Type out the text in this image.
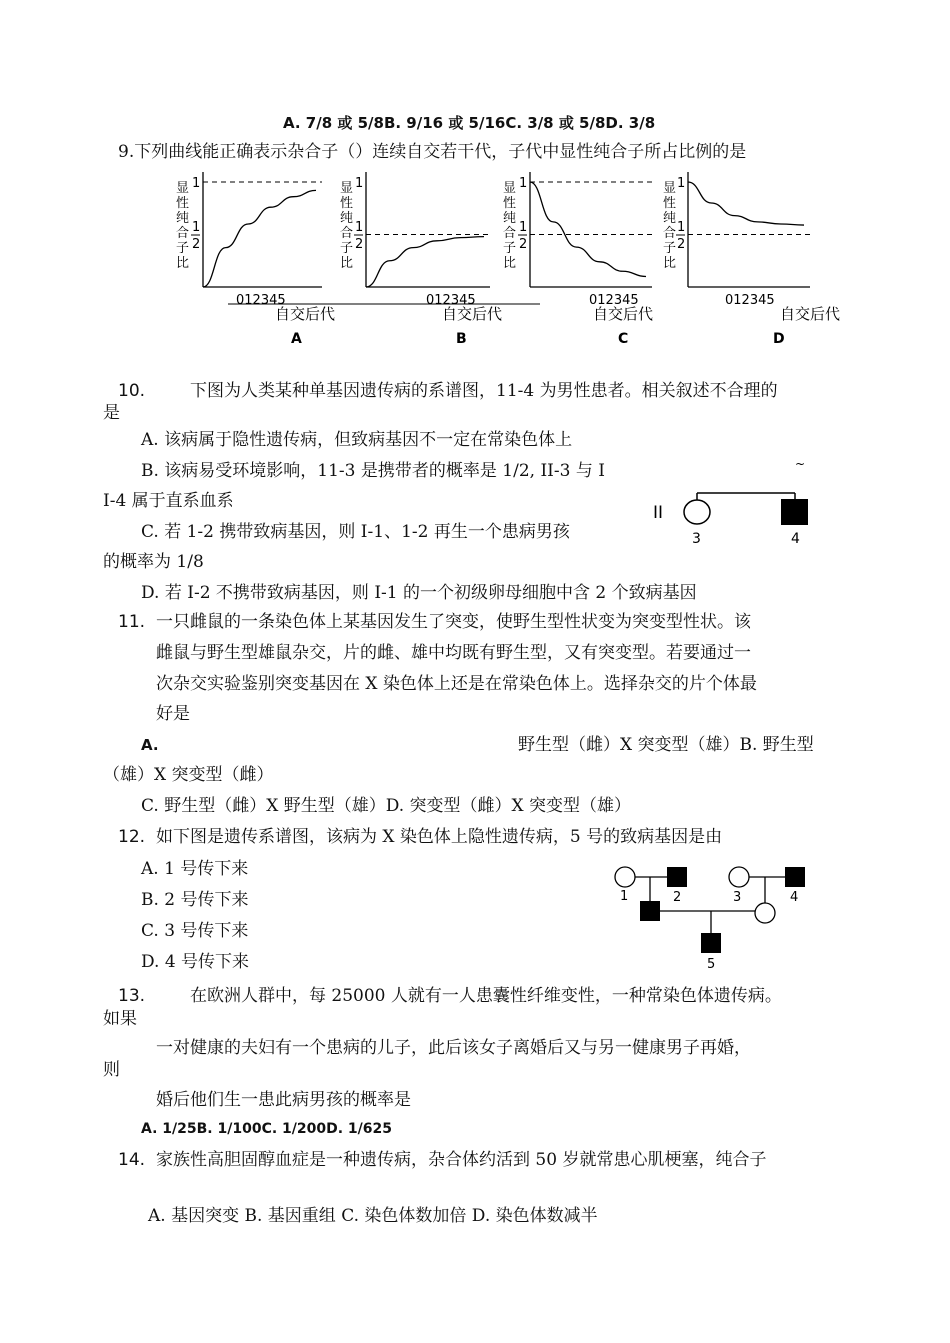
A. 7/8 或 5/8B. 9/16 或 5/16C. 3/8 或 5/8D. 3/8
9.下列曲线能正确表示杂合子（）连续自交若干代，子代中显性纯合子所占比例的是
显
性
纯
合
子
比
1
1
2
012345
自交后代
A
显
性
纯
合
子
比
1
1
2
012345
自交后代
B
显
性
纯
合
子
比
1
1
2
012345
自交后代
C
显
性
纯
合
子
比
1
1
2
012345
自交后代
D
10.	下图为人类某种单基因遗传病的系谱图，11-4 为男性患者。相关叙述不合理的
是
A. 该病属于隐性遗传病，但致病基因不一定在常染色体上
B. 该病易受环境影响，11-3 是携带者的概率是 1/2, II-3 与 I
I-4 属于直系血系
C. 若 1-2 携带致病基因，则 I-1、1-2 再生一个患病男孩
的概率为 1/8
D. 若 I-2 不携带致病基因，则 I-1 的一个初级卵母细胞中含 2 个致病基因
~
II
3	4
11. 一只雌鼠的一条染色体上某基因发生了突变，使野生型性状变为突变型性状。该
雌鼠与野生型雄鼠杂交，片的雌、雄中均既有野生型，又有突变型。若要通过一
次杂交实验鉴别突变基因在 X 染色体上还是在常染色体上。选择杂交的片个体最
好是
A.	野生型（雌）X 突变型（雄）B. 野生型
（雄）X 突变型（雌）
C. 野生型（雌）X 野生型（雄）D. 突变型（雌）X 突变型（雄）
12. 如下图是遗传系谱图，该病为 X 染色体上隐性遗传病，5 号的致病基因是由
A. 1 号传下来
B. 2 号传下来
C. 3 号传下来
D. 4 号传下来
1	2	3	4
5
13.	在欧洲人群中，每 25000 人就有一人患囊性纤维变性，一种常染色体遗传病。
如果
一对健康的夫妇有一个患病的儿子，此后该女子离婚后又与另一健康男子再婚，
则
婚后他们生一患此病男孩的概率是
A. 1/25B. 1/100C. 1/200D. 1/625
14. 家族性高胆固醇血症是一种遗传病，杂合体约活到 50 岁就常患心肌梗塞，纯合子
A. 基因突变 B. 基因重组 C. 染色体数加倍 D. 染色体数减半
